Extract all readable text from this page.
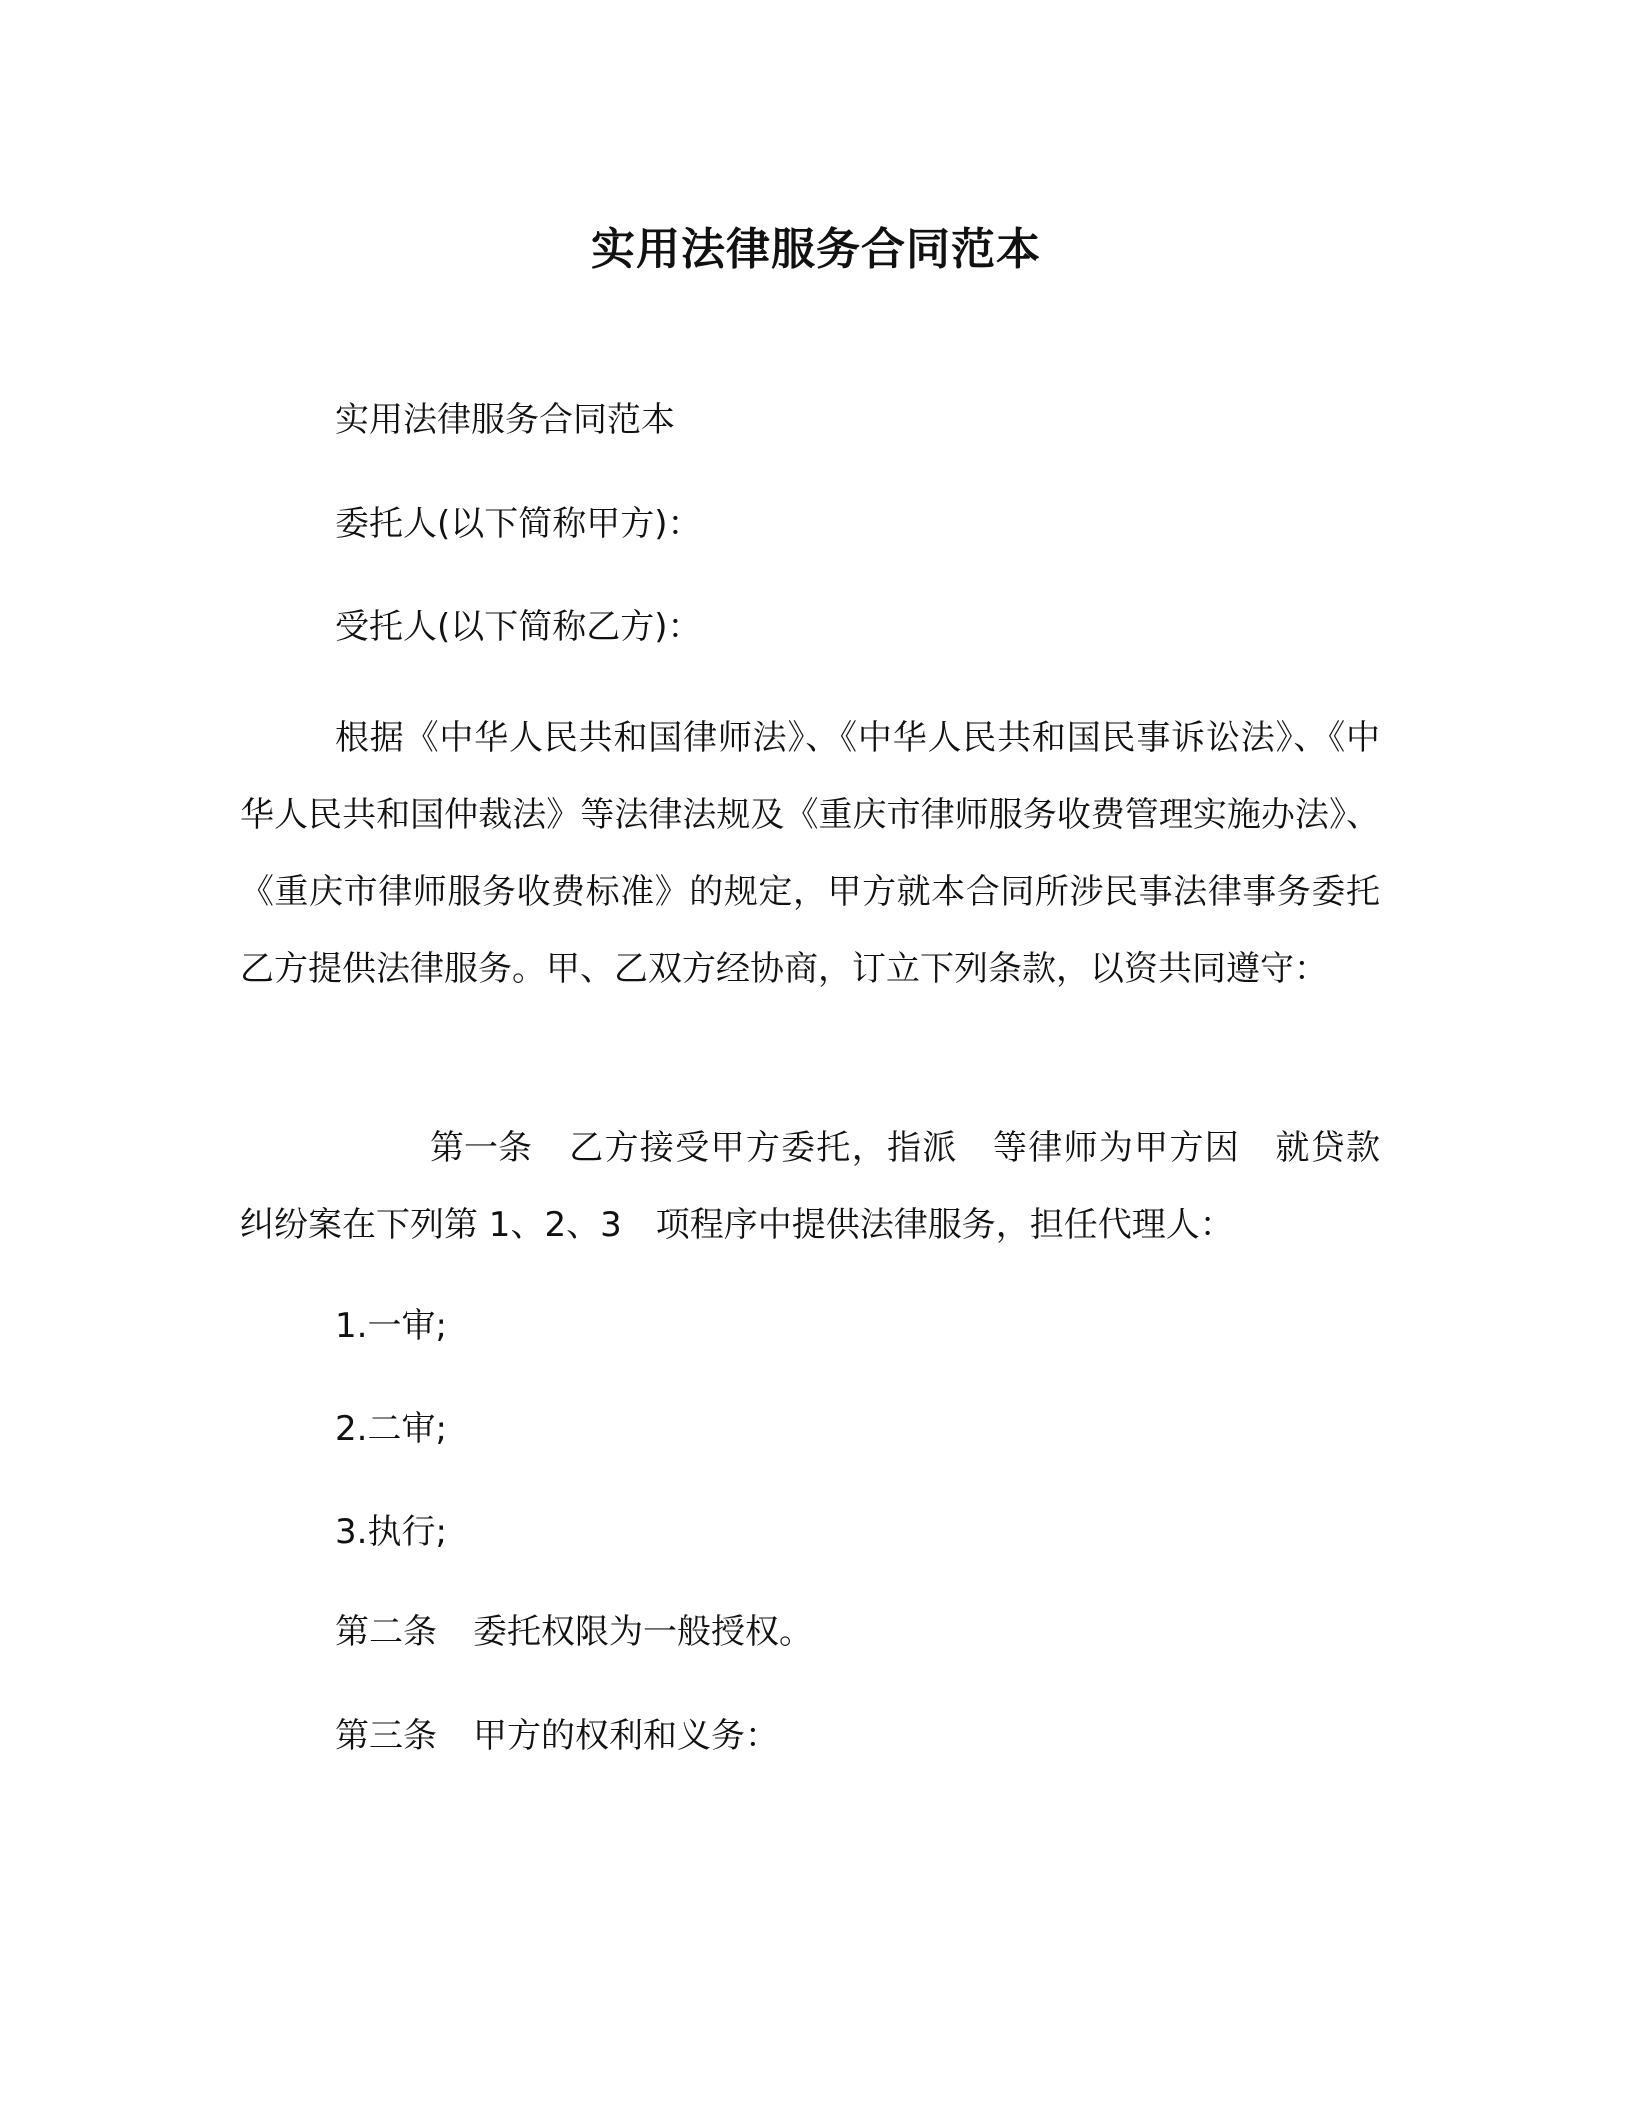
实用法律服务合同范本

实用法律服务合同范本

委托人(以下简称甲方)：

受托人(以下简称乙方)：

根据《中华人民共和国律师法》、《中华人民共和国民事诉讼法》、《中华人民共和国仲裁法》等法律法规及《重庆市律师服务收费管理实施办法》、《重庆市律师服务收费标准》的规定，甲方就本合同所涉民事法律事务委托乙方提供法律服务。甲、乙双方经协商，订立下列条款，以资共同遵守：

第一条 乙方接受甲方委托，指派 等律师为甲方因 就贷款纠纷案在下列第 1、2、3 项程序中提供法律服务，担任代理人：

1.一审;

2.二审;

3.执行;

第二条 委托权限为一般授权。

第三条 甲方的权利和义务：
